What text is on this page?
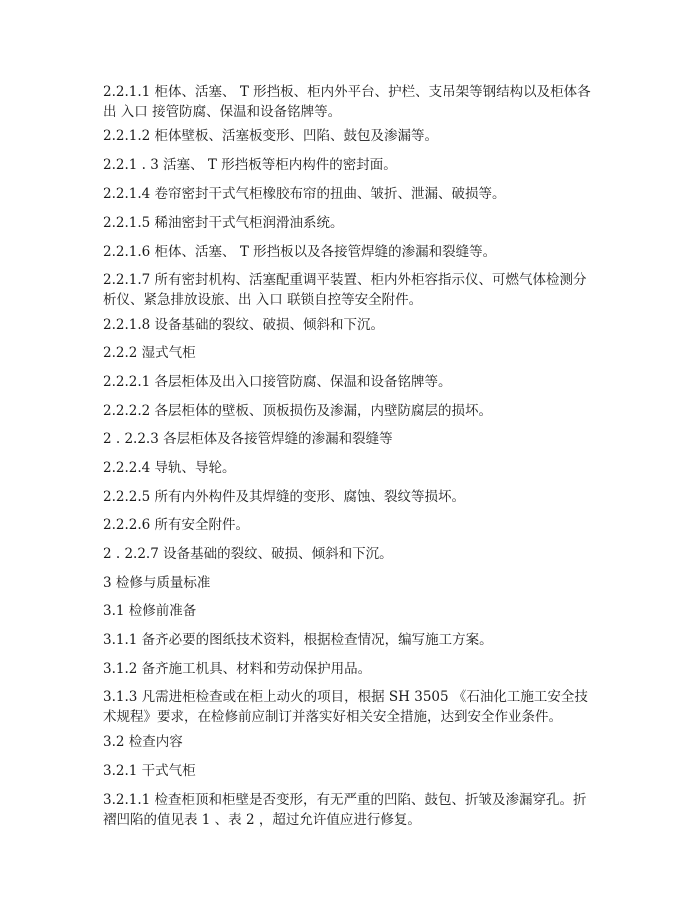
2.2.1.1 柜体、活塞、 T 形挡板、柜内外平台、护栏、支吊架等钢结构以及柜体各出 入口 接管防腐、保温和设备铭牌等。

2.2.1.2 柜体壁板、活塞板变形、凹陷、鼓包及渗漏等。

2.2.1 . 3 活塞、 T 形挡板等柜内构件的密封面。

2.2.1.4 卷帘密封干式气柜橡胶布帘的扭曲、皱折、泄漏、破损等。

2.2.1.5 稀油密封干式气柜润滑油系统。

2.2.1.6 柜体、活塞、 T 形挡板以及各接管焊缝的渗漏和裂缝等。

2.2.1.7 所有密封机构、活塞配重调平装置、柜内外柜容指示仪、可燃气体检测分析仪、紧急排放设旅、出 入口 联锁自控等安全附件。

2.2.1.8 设备基础的裂纹、破损、倾斜和下沉。

2.2.2 湿式气柜

2.2.2.1 各层柜体及出入口接管防腐、保温和设备铭牌等。

2.2.2.2 各层柜体的壁板、顶板损伤及渗漏，内壁防腐层的损坏。

2 . 2.2.3 各层柜体及各接管焊缝的渗漏和裂缝等

2.2.2.4 导轨、导轮。

2.2.2.5 所有内外构件及其焊缝的变形、腐蚀、裂纹等损坏。

2.2.2.6 所有安全附件。

2 . 2.2.7 设备基础的裂纹、破损、倾斜和下沉。

3 检修与质量标准

3.1 检修前准备

3.1.1 备齐必要的图纸技术资料，根据检查情况，编写施工方案。

3.1.2 备齐施工机具、材料和劳动保护用品。

3.1.3 凡需进柜检查或在柜上动火的项目，根据 SH 3505 《石油化工施工安全技术规程》要求，在检修前应制订并落实好相关安全措施，达到安全作业条件。

3.2 检查内容

3.2.1 干式气柜

3.2.1.1 检查柜顶和柜壁是否变形，有无严重的凹陷、鼓包、折皱及渗漏穿孔。折褶凹陷的值见表 1 、表 2 ，超过允许值应进行修复。
